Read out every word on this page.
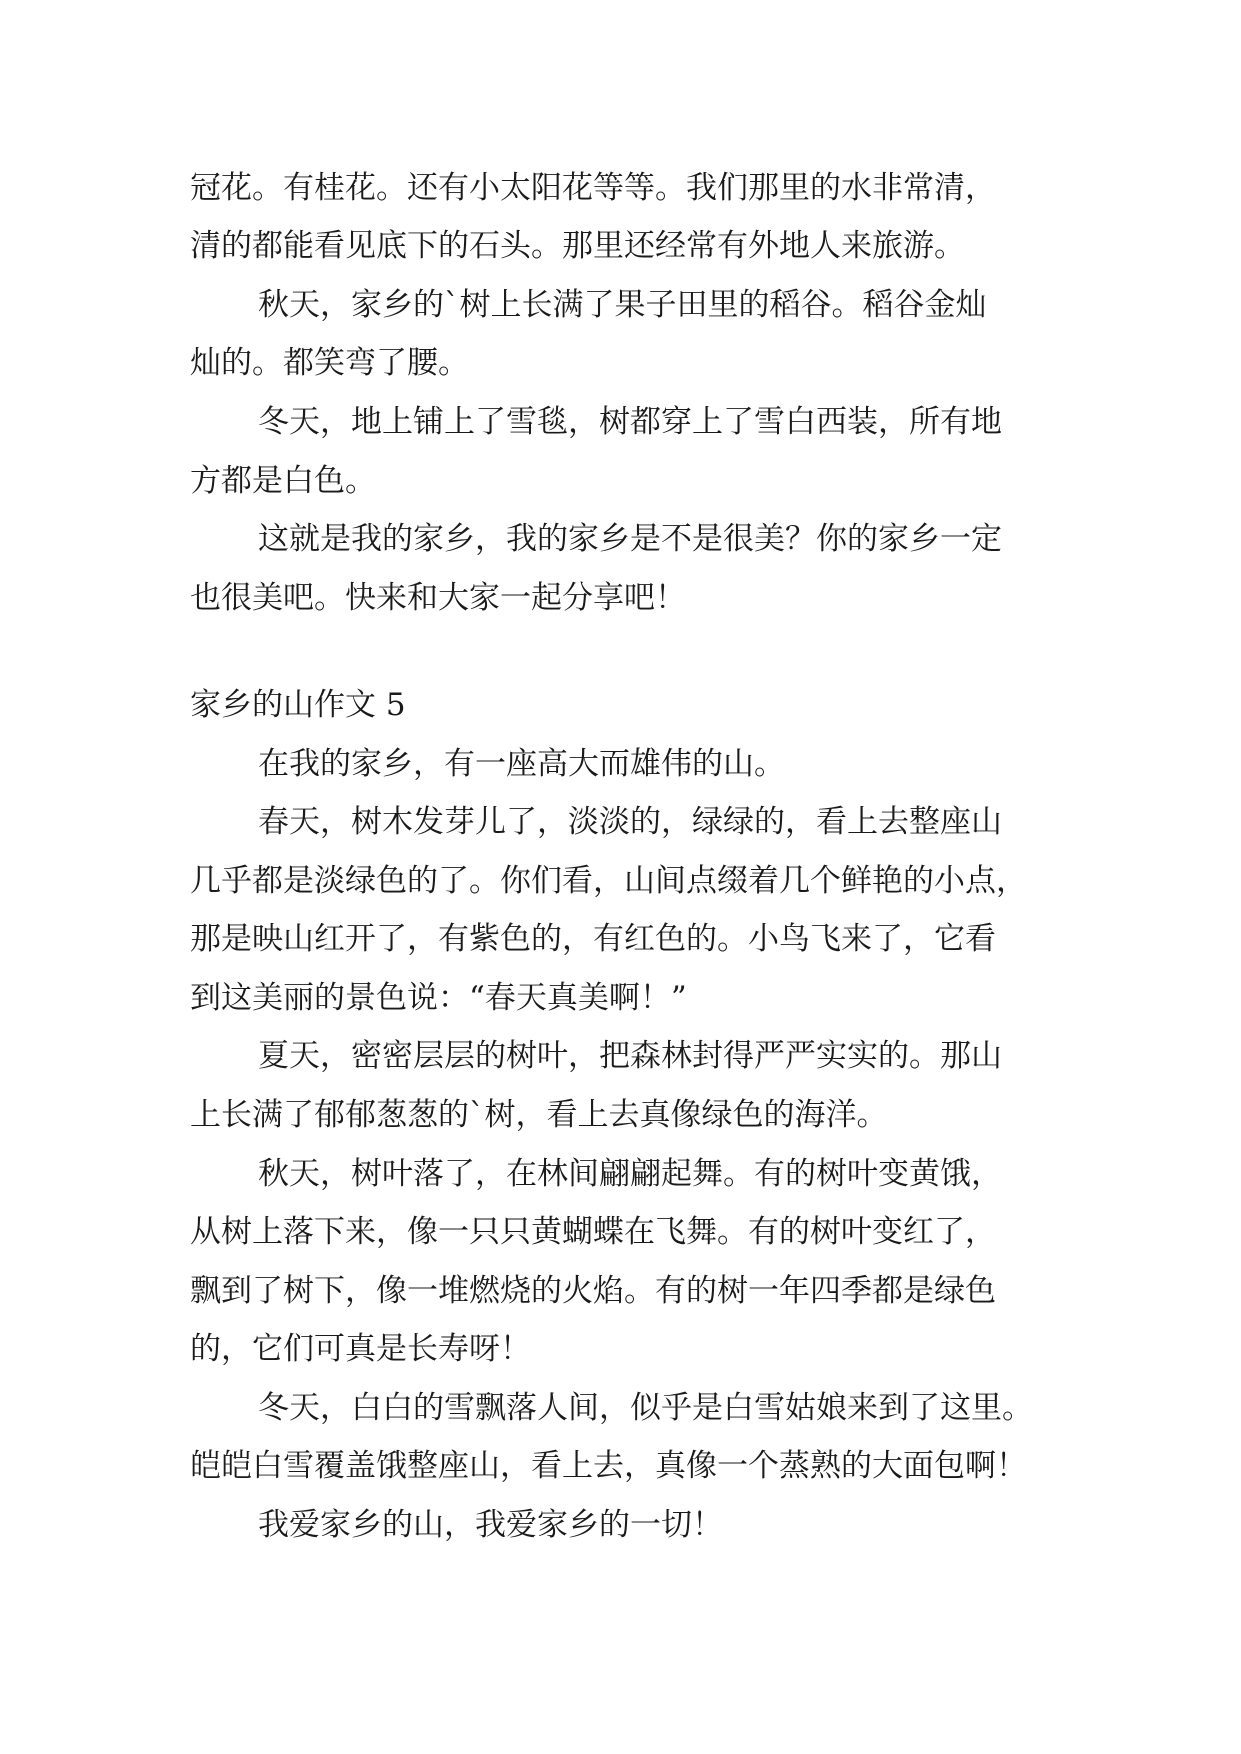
冠花。有桂花。还有小太阳花等等。我们那里的水非常清，
清的都能看见底下的石头。那里还经常有外地人来旅游。
秋天，家乡的`树上长满了果子田里的稻谷。稻谷金灿
灿的。都笑弯了腰。
冬天，地上铺上了雪毯，树都穿上了雪白西装，所有地
方都是白色。
这就是我的家乡，我的家乡是不是很美？你的家乡一定
也很美吧。快来和大家一起分享吧！
家乡的山作文 5
在我的家乡，有一座高大而雄伟的山。
春天，树木发芽儿了，淡淡的，绿绿的，看上去整座山
几乎都是淡绿色的了。你们看，山间点缀着几个鲜艳的小点，
那是映山红开了，有紫色的，有红色的。小鸟飞来了，它看
到这美丽的景色说：“春天真美啊！”
夏天，密密层层的树叶，把森林封得严严实实的。那山
上长满了郁郁葱葱的`树，看上去真像绿色的海洋。
秋天，树叶落了，在林间翩翩起舞。有的树叶变黄饿，
从树上落下来，像一只只黄蝴蝶在飞舞。有的树叶变红了，
飘到了树下，像一堆燃烧的火焰。有的树一年四季都是绿色
的，它们可真是长寿呀！
冬天，白白的雪飘落人间，似乎是白雪姑娘来到了这里。
皑皑白雪覆盖饿整座山，看上去，真像一个蒸熟的大面包啊！
我爱家乡的山，我爱家乡的一切！
